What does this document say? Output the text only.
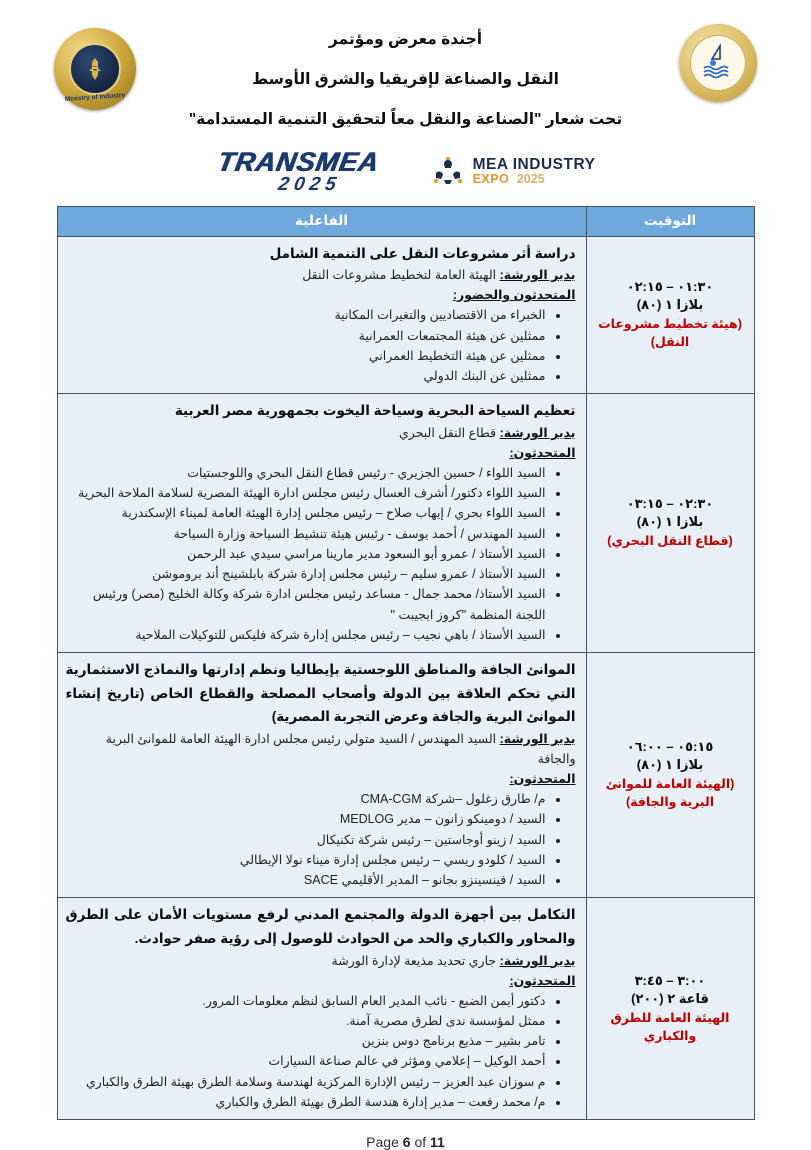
Ministry of Industry
أجندة معرض ومؤتمر
النقل والصناعة لإفريقيا والشرق الأوسط
تحت شعار "الصناعة والنقل معاً لتحقيق التنمية المستدامة"
TRANSMEA
2025
MEA INDUSTRY
EXPO 2025
التوقيت
الفاعلية
٠١:٣٠ – ٠٢:١٥
بلازا ١ (٨٠)
(هيئة تخطيط مشروعات النقل)
دراسة أثر مشروعات النقل على التنمية الشامل
يدير الورشة: الهيئة العامة لتخطيط مشروعات النقل
المتحدثون والحضور:
• الخبراء من الاقتصاديين والتغيرات المكانية
• ممثلين عن هيئة المجتمعات العمرانية
• ممثلين عن هيئة التخطيط العمراني
• ممثلين عن البنك الدولي
٠٢:٣٠ – ٠٣:١٥
بلازا ١ (٨٠)
(قطاع النقل البحري)
تعظيم السياحة البحرية وسياحة اليخوت بجمهورية مصر العربية
يدير الورشة: قطاع النقل البحري
المتحدثون:
• السيد اللواء / حسين الجزيري - رئيس قطاع النقل البحري واللوجستيات
• السيد اللواء دكتور/ أشرف العسال رئيس مجلس ادارة الهيئة المصرية لسلامة الملاحة البحرية
• السيد اللواء بحري / إيهاب صلاح – رئيس مجلس إدارة الهيئة العامة لميناء الإسكندرية
• السيد المهندس / أحمد يوسف - رئيس هيئة تنشيط السياحة وزارة السياحة
• السيد الأستاذ / عمرو أبو السعود مدير مارينا مراسي سيدي عبد الرحمن
• السيد الأستاذ / عمرو سليم – رئيس مجلس إدارة شركة بابلشينج أند بروموشن
• السيد الأستاذ/ محمد جمال - مساعد رئيس مجلس ادارة شركة وكالة الخليج (مصر) ورئيس اللجنة المنظمة "كروز ايجيبت "
• السيد الأستاذ / باهي نجيب – رئيس مجلس إدارة شركة فليكس للتوكيلات الملاحية
٠٥:١٥ – ٠٦:٠٠
بلازا ١ (٨٠)
(الهيئة العامة للموانئ البرية والجافة)
الموانئ الجافة والمناطق اللوجستية بإيطاليا ونظم إدارتها والنماذج الاستثمارية التي تحكم العلاقة بين الدولة وأصحاب المصلحة والقطاع الخاص (تاريخ إنشاء الموانئ البرية والجافة وعرض التجربة المصرية)
يدير الورشة: السيد المهندس / السيد متولي رئيس مجلس ادارة الهيئة العامة للموانئ البرية والجافة
المتحدثون:
• م/ طارق زغلول –شركة CMA-CGM
• السيد / دومينكو زانون – مدير MEDLOG
• السيد / زينو أوجاستين – رئيس شركة تكنيكال
• السيد / كلودو ريسي – رئيس مجلس إدارة ميناء نولا الإيطالي
• السيد / فينسينزو بجانو – المدير الأقليمي SACE
٣:٠٠ – ٣:٤٥
قاعة ٢ (٢٠٠)
الهيئة العامة للطرق والكباري
التكامل بين أجهزة الدولة والمجتمع المدني لرفع مستويات الأمان على الطرق والمحاور والكباري والحد من الحوادث للوصول إلى رؤية صفر حوادث.
يدير الورشة: جاري تحديد مذيعة لإدارة الورشة
المتحدثون:
• دكتور أيمن الضبع - نائب المدير العام السابق لنظم معلومات المرور.
• ممثل لمؤسسة ندى لطرق مصرية آمنة.
• تامر بشير – مذيع برنامج دوس بنزين
• أحمد الوكيل – إعلامي ومؤثر في عالم صناعة السيارات
• م سوزان عبد العزيز – رئيس الإدارة المركزية لهندسة وسلامة الطرق بهيئة الطرق والكباري
• م/ محمد رفعت – مدير إدارة هندسة الطرق بهيئة الطرق والكباري
Page 6 of 11
